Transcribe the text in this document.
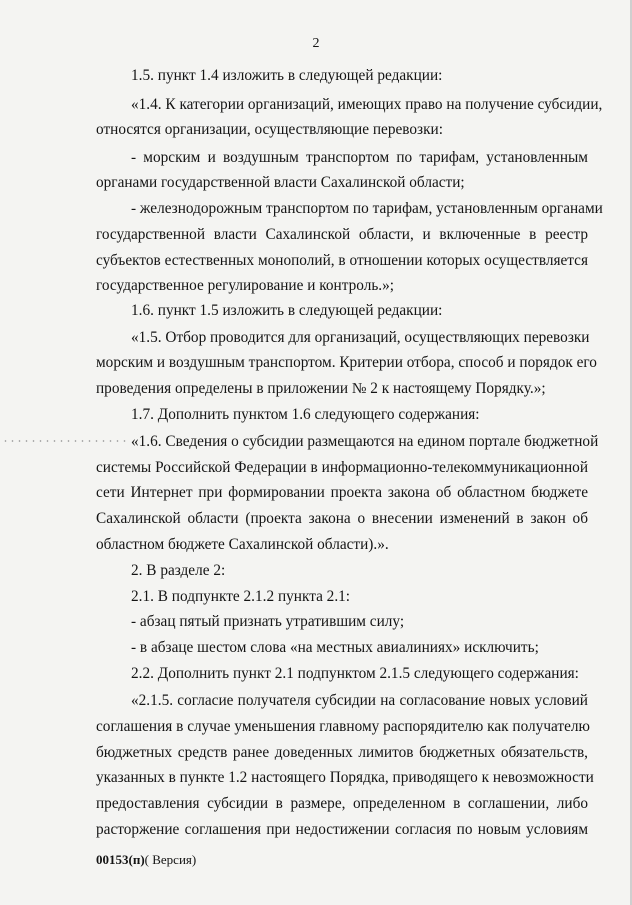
2
1.5. пункт 1.4 изложить в следующей редакции:
«1.4. К категории организаций, имеющих право на получение субсидии,
относятся организации, осуществляющие перевозки:
- морским и воздушным транспортом по тарифам, установленным
органами государственной власти Сахалинской области;
- железнодорожным транспортом по тарифам, установленным органами
государственной власти Сахалинской области, и включенные в реестр
субъектов естественных монополий, в отношении которых осуществляется
государственное регулирование и контроль.»;
1.6. пункт 1.5 изложить в следующей редакции:
«1.5. Отбор проводится для организаций, осуществляющих перевозки
морским и воздушным транспортом. Критерии отбора, способ и порядок его
проведения определены в приложении № 2 к настоящему Порядку.»;
1.7. Дополнить пунктом 1.6 следующего содержания:
«1.6. Сведения о субсидии размещаются на едином портале бюджетной
системы Российской Федерации в информационно-телекоммуникационной
сети Интернет при формировании проекта закона об областном бюджете
Сахалинской области (проекта закона о внесении изменений в закон об
областном бюджете Сахалинской области).».
2. В разделе 2:
2.1. В подпункте 2.1.2 пункта 2.1:
- абзац пятый признать утратившим силу;
- в абзаце шестом слова «на местных авиалиниях» исключить;
2.2. Дополнить пункт 2.1 подпунктом 2.1.5 следующего содержания:
«2.1.5. согласие получателя субсидии на согласование новых условий
соглашения в случае уменьшения главному распорядителю как получателю
бюджетных средств ранее доведенных лимитов бюджетных обязательств,
указанных в пункте 1.2 настоящего Порядка, приводящего к невозможности
предоставления субсидии в размере, определенном в соглашении, либо
расторжение соглашения при недостижении согласия по новым условиям
00153(п)( Версия)
